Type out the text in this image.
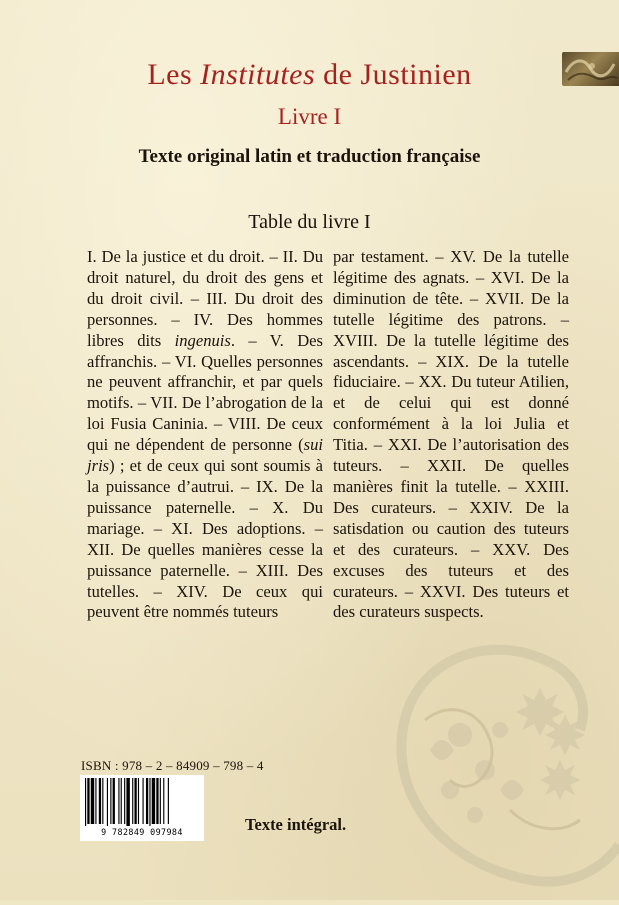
Les Institutes de Justinien
Livre I

Texte original latin et traduction française

Table du livre I

I. De la justice et du droit. – II. Du droit naturel, du droit des gens et du droit civil. – III. Du droit des personnes. – IV. Des hommes libres dits ingenuis. – V. Des affranchis. – VI. Quelles personnes ne peuvent affranchir, et par quels motifs. – VII. De l’abrogation de la loi Fusia Caninia. – VIII. De ceux qui ne dépendent de personne (sui jris) ; et de ceux qui sont soumis à la puissance d’autrui. – IX. De la puissance paternelle. – X. Du mariage. – XI. Des adoptions. – XII. De quelles manières cesse la puissance paternelle. – XIII. Des tutelles. – XIV. De ceux qui peuvent être nommés tuteurs
par testament. – XV. De la tutelle légitime des agnats. – XVI. De la diminution de tête. – XVII. De la tutelle légitime des patrons. – XVIII. De la tutelle légitime des ascendants. – XIX. De la tutelle fiduciaire. – XX. Du tuteur Atilien, et de celui qui est donné conformément à la loi Julia et Titia. – XXI. De l’autorisation des tuteurs. – XXII. De quelles manières finit la tutelle. – XXIII. Des curateurs. – XXIV. De la satisdation ou caution des tuteurs et des curateurs. – XXV. Des excuses des tuteurs et des curateurs. – XXVI. Des tuteurs et des curateurs suspects.
ISBN : 978 – 2 – 84909 – 798 – 4
9 782849 097984	Texte intégral.
